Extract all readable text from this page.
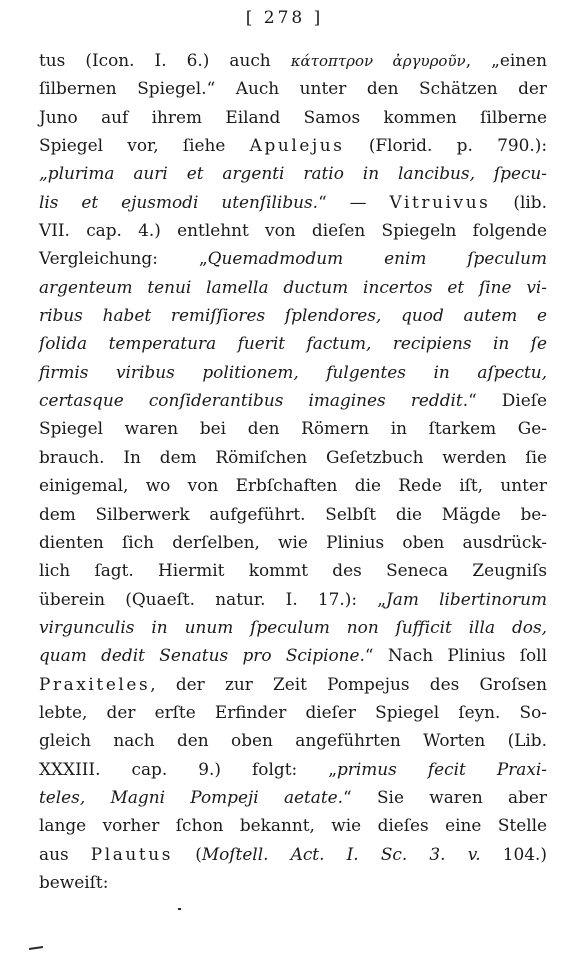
[ 278 ]
tus (Icon. I. 6.) auch κάτοπτρον ἀργυροῦν, „einen
ſilbernen Spiegel.“ Auch unter den Schätzen der
Juno auf ihrem Eiland Samos kommen ſilberne
Spiegel vor, ſiehe Apulejus (Florid. p. 790.):
„plurima auri et argenti ratio in lancibus, ſpecu-
lis et ejusmodi utenſilibus.“ — Vitruivus (lib.
VII. cap. 4.) entlehnt von dieſen Spiegeln folgende
Vergleichung: „Quemadmodum enim ſpeculum
argenteum tenui lamella ductum incertos et ſine vi-
ribus habet remiſſiores ſplendores, quod autem e
ſolida temperatura fuerit factum, recipiens in ſe
firmis viribus politionem, fulgentes in aſpectu,
certasque conſiderantibus imagines reddit.“ Dieſe
Spiegel waren bei den Römern in ſtarkem Ge-
brauch. In dem Römiſchen Geſetzbuch werden ſie
einigemal, wo von Erbſchaften die Rede iſt, unter
dem Silberwerk aufgeführt. Selbſt die Mägde be-
dienten ſich derſelben, wie Plinius oben ausdrück-
lich ſagt. Hiermit kommt des Seneca Zeugniſs
überein (Quaeſt. natur. I. 17.): „Jam libertinorum
virgunculis in unum ſpeculum non ſufficit illa dos,
quam dedit Senatus pro Scipione.“ Nach Plinius ſoll
Praxiteles, der zur Zeit Pompejus des Groſsen
lebte, der erſte Erfinder dieſer Spiegel ſeyn. So-
gleich nach den oben angeführten Worten (Lib.
XXXIII. cap. 9.) folgt: „primus fecit Praxi-
teles, Magni Pompeji aetate.“ Sie waren aber
lange vorher ſchon bekannt, wie dieſes eine Stelle
aus Plautus (Moſtell. Act. I. Sc. 3. v. 104.)
beweiſt:
